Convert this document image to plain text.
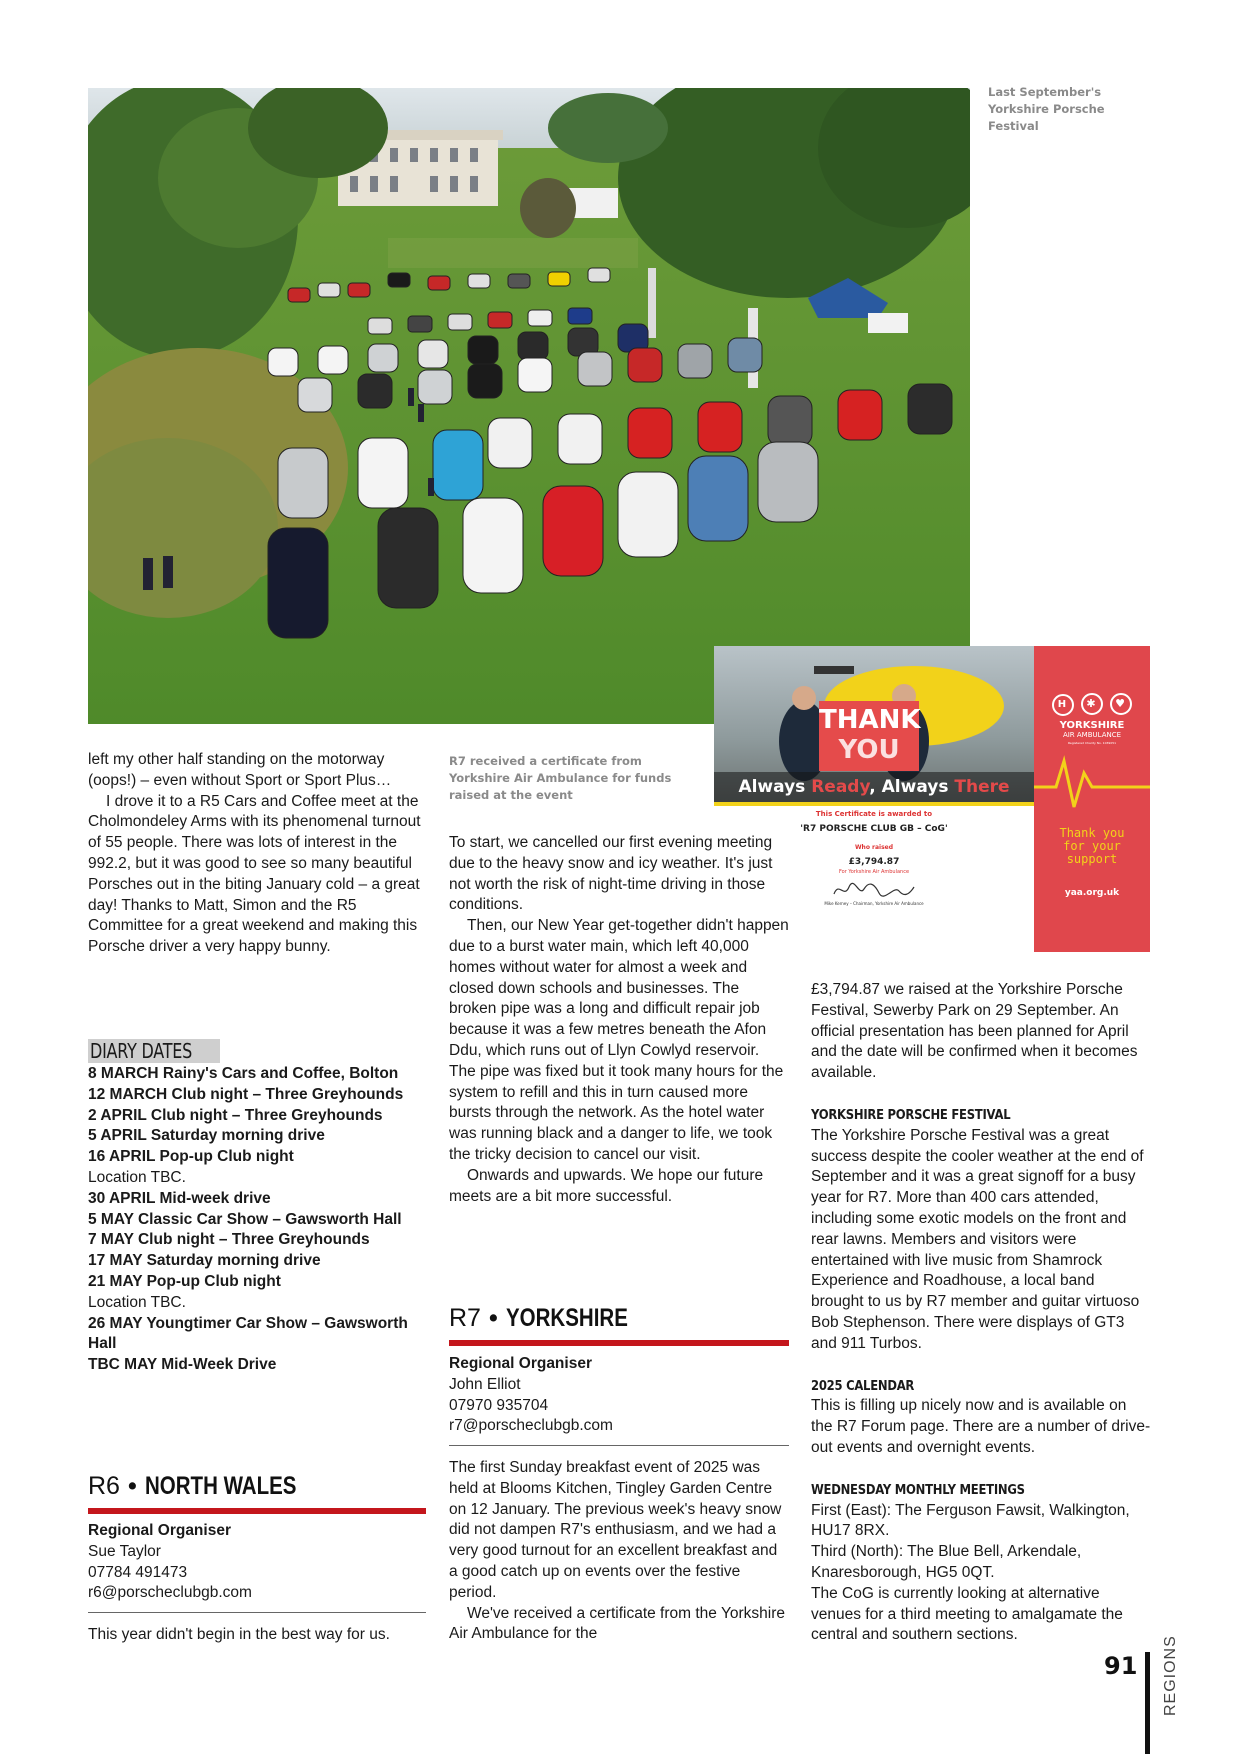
Last September's Yorkshire Porsche Festival
THANK
YOU
Always Ready, Always There
This Certificate is awarded to
'R7 PORSCHE CLUB GB – CoG'
Who raised
£3,794.87
For Yorkshire Air Ambulance
Mike Kerney – Chairman, Yorkshire Air Ambulance
H ✱ ♥
YORKSHIRE
AIR AMBULANCE
Registered Charity No. 1039051
Thank you for your support
yaa.org.uk
R7 received a certificate from Yorkshire Air Ambulance for funds raised at the event

left my other half standing on the motorway (oops!) – even without Sport or Sport Plus…

I drove it to a R5 Cars and Coffee meet at the Cholmondeley Arms with its phenomenal turnout of 55 people. There was lots of interest in the 992.2, but it was good to see so many beautiful Porsches out in the biting January cold – a great day! Thanks to Matt, Simon and the R5 Committee for a great weekend and making this Porsche driver a very happy bunny.

DIARY DATES

8 MARCH Rainy's Cars and Coffee, Bolton

12 MARCH Club night – Three Greyhounds

2 APRIL Club night – Three Greyhounds

5 APRIL Saturday morning drive

16 APRIL Pop-up Club night
Location TBC.

30 APRIL Mid-week drive

5 MAY Classic Car Show – Gawsworth Hall

7 MAY Club night – Three Greyhounds

17 MAY Saturday morning drive

21 MAY Pop-up Club night
Location TBC.

26 MAY Youngtimer Car Show – Gawsworth Hall

TBC MAY Mid-Week Drive

R6 • NORTH WALES

Regional Organiser

Sue Taylor

07784 491473

r6@porscheclubgb.com

This year didn't begin in the best way for us.

To start, we cancelled our first evening meeting due to the heavy snow and icy weather. It's just not worth the risk of night-time driving in those conditions.

Then, our New Year get-together didn't happen due to a burst water main, which left 40,000 homes without water for almost a week and closed down schools and businesses. The broken pipe was a long and difficult repair job because it was a few metres beneath the Afon Ddu, which runs out of Llyn Cowlyd reservoir. The pipe was fixed but it took many hours for the system to refill and this in turn caused more bursts through the network. As the hotel water was running black and a danger to life, we took the tricky decision to cancel our visit.

Onwards and upwards. We hope our future meets are a bit more successful.

R7 • YORKSHIRE

Regional Organiser

John Elliot

07970 935704

r7@porscheclubgb.com

The first Sunday breakfast event of 2025 was held at Blooms Kitchen, Tingley Garden Centre on 12 January. The previous week's heavy snow did not dampen R7's enthusiasm, and we had a very good turnout for an excellent breakfast and a good catch up on events over the festive period.

We've received a certificate from the Yorkshire Air Ambulance for the

£3,794.87 we raised at the Yorkshire Porsche Festival, Sewerby Park on 29 September. An official presentation has been planned for April and the date will be confirmed when it becomes available.

YORKSHIRE PORSCHE FESTIVAL

The Yorkshire Porsche Festival was a great success despite the cooler weather at the end of September and it was a great signoff for a busy year for R7. More than 400 cars attended, including some exotic models on the front and rear lawns. Members and visitors were entertained with live music from Shamrock Experience and Roadhouse, a local band brought to us by R7 member and guitar virtuoso Bob Stephenson. There were displays of GT3 and 911 Turbos.

2025 CALENDAR

This is filling up nicely now and is available on the R7 Forum page. There are a number of drive-out events and overnight events.

WEDNESDAY MONTHLY MEETINGS

First (East): The Ferguson Fawsit, Walkington, HU17 8RX.

Third (North): The Blue Bell, Arkendale, Knaresborough, HG5 0QT.

The CoG is currently looking at alternative venues for a third meeting to amalgamate the central and southern sections.

REGIONS
91
